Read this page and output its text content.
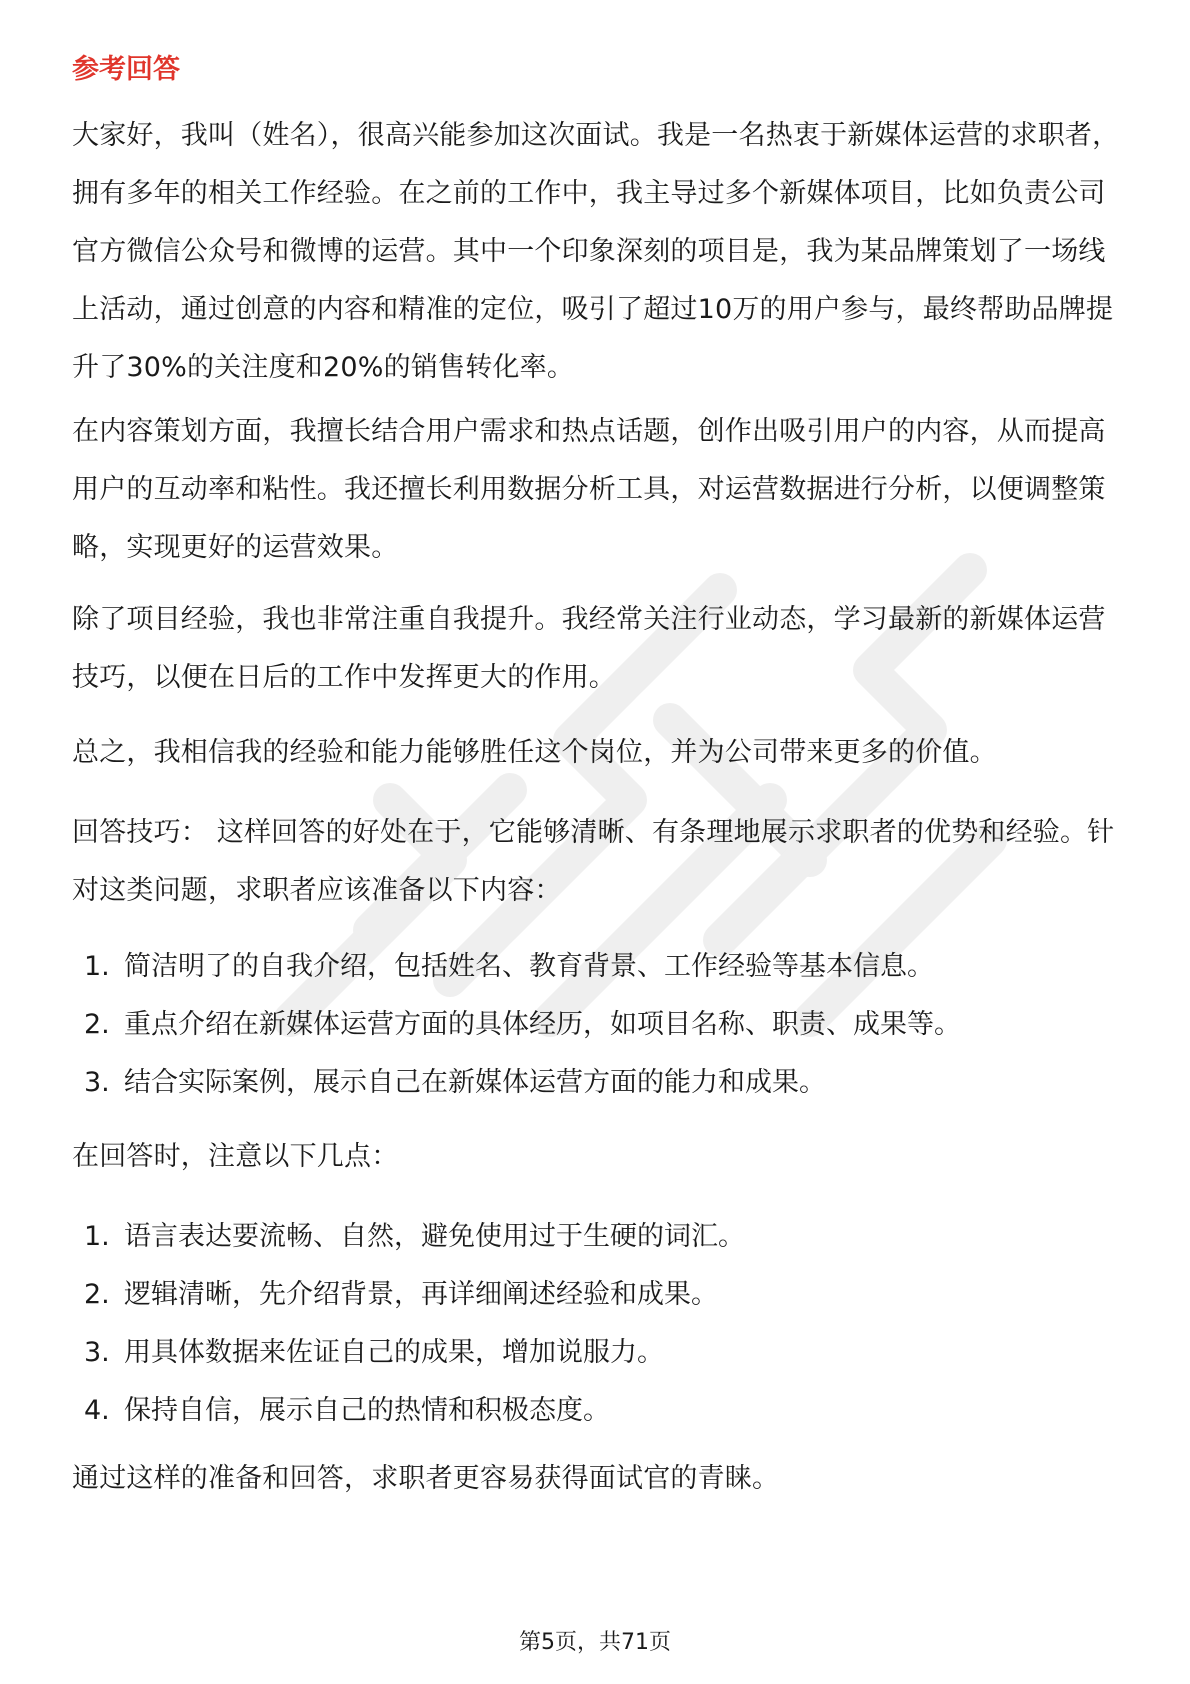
参考回答

大家好，我叫（姓名），很高兴能参加这次面试。我是一名热衷于新媒体运营的求职者，拥有多年的相关工作经验。在之前的工作中，我主导过多个新媒体项目，比如负责公司官方微信公众号和微博的运营。其中一个印象深刻的项目是，我为某品牌策划了一场线上活动，通过创意的内容和精准的定位，吸引了超过10万的用户参与，最终帮助品牌提升了30%的关注度和20%的销售转化率。

在内容策划方面，我擅长结合用户需求和热点话题，创作出吸引用户的内容，从而提高用户的互动率和粘性。我还擅长利用数据分析工具，对运营数据进行分析，以便调整策略，实现更好的运营效果。

除了项目经验，我也非常注重自我提升。我经常关注行业动态，学习最新的新媒体运营技巧，以便在日后的工作中发挥更大的作用。

总之，我相信我的经验和能力能够胜任这个岗位，并为公司带来更多的价值。

回答技巧： 这样回答的好处在于，它能够清晰、有条理地展示求职者的优势和经验。针对这类问题，求职者应该准备以下内容：

1. 简洁明了的自我介绍，包括姓名、教育背景、工作经验等基本信息。
2. 重点介绍在新媒体运营方面的具体经历，如项目名称、职责、成果等。
3. 结合实际案例，展示自己在新媒体运营方面的能力和成果。

在回答时，注意以下几点：

1. 语言表达要流畅、自然，避免使用过于生硬的词汇。
2. 逻辑清晰，先介绍背景，再详细阐述经验和成果。
3. 用具体数据来佐证自己的成果，增加说服力。
4. 保持自信，展示自己的热情和积极态度。

通过这样的准备和回答，求职者更容易获得面试官的青睐。

第5页，共71页
